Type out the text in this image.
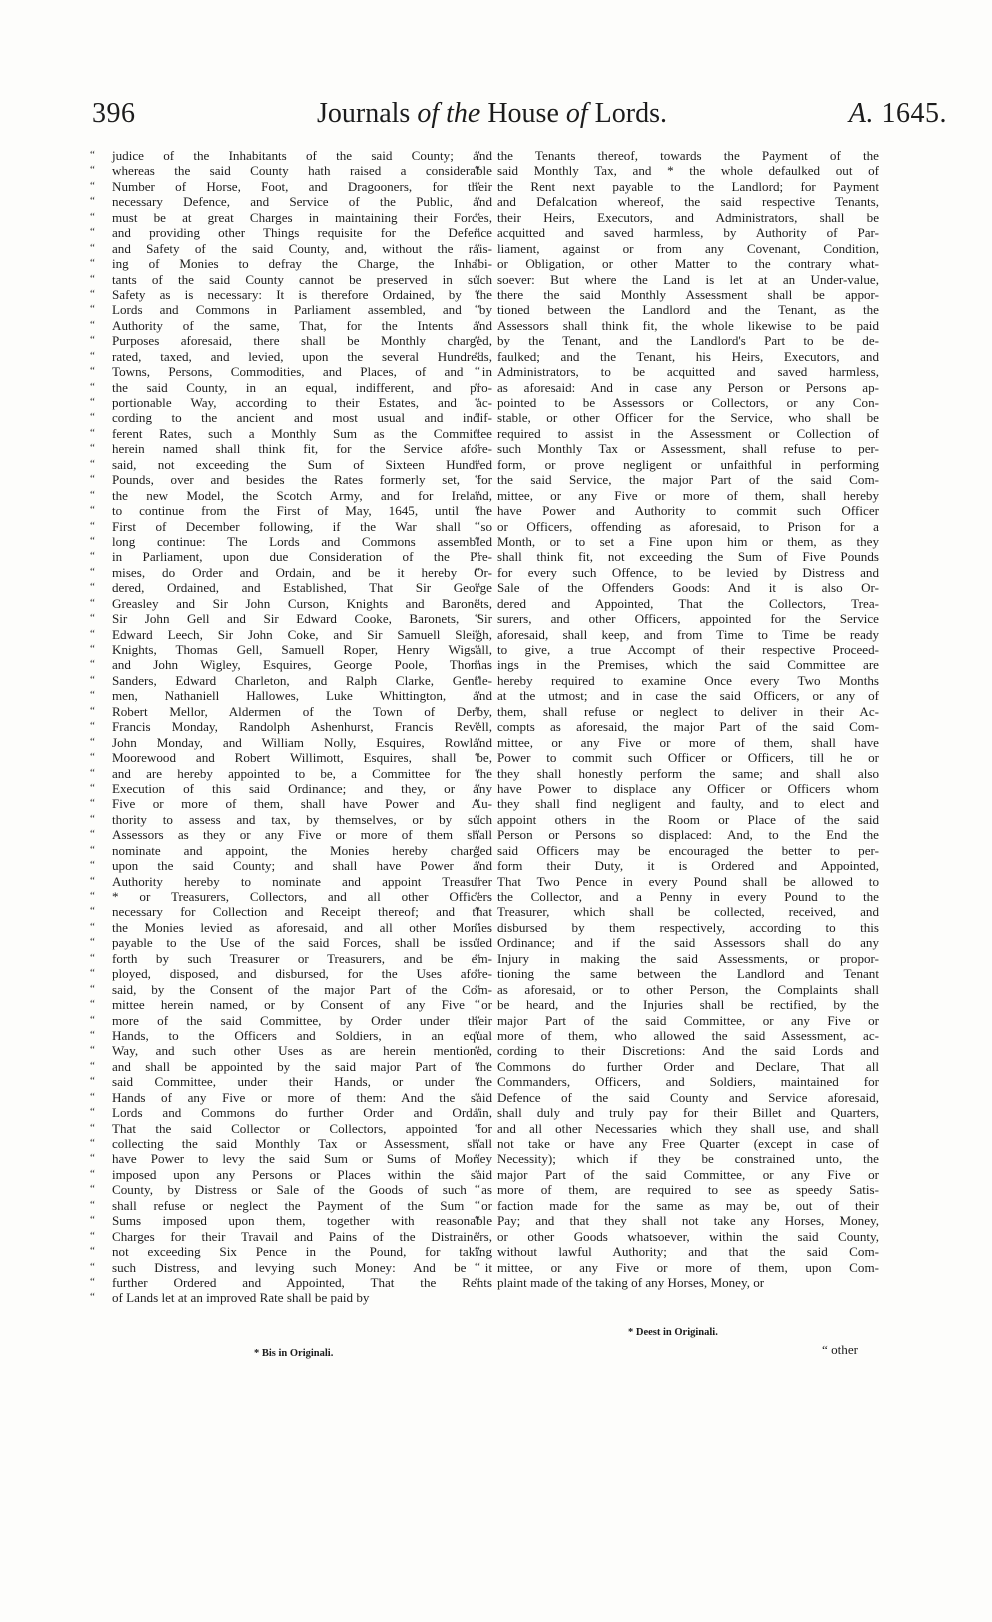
396	Journals of the House of Lords.	A. 1645.
“ judice of the Inhabitants of the said County; and
“ whereas the said County hath raised a considerable
“ Number of Horse, Foot, and Dragooners, for their
“ necessary Defence, and Service of the Public, and
“ must be at great Charges in maintaining their Forces,
“ and providing other Things requisite for the Defence
“ and Safety of the said County, and, without the rais-
“ ing of Monies to defray the Charge, the Inhabi-
“ tants of the said County cannot be preserved in such
“ Safety as is necessary: It is therefore Ordained, by the
“ Lords and Commons in Parliament assembled, and by
“ Authority of the same, That, for the Intents and
“ Purposes aforesaid, there shall be Monthly charged,
“ rated, taxed, and levied, upon the several Hundreds,
“ Towns, Persons, Commodities, and Places, of and in
“ the said County, in an equal, indifferent, and pro-
“ portionable Way, according to their Estates, and ac-
“ cording to the ancient and most usual and indif-
“ ferent Rates, such a Monthly Sum as the Committee
“ herein named shall think fit, for the Service afore-
“ said, not exceeding the Sum of Sixteen Hundred
“ Pounds, over and besides the Rates formerly set, for
“ the new Model, the Scotch Army, and for Ireland,
“ to continue from the First of May, 1645, until the
“ First of December following, if the War shall so
“ long continue: The Lords and Commons assembled
“ in Parliament, upon due Consideration of the Pre-
“ mises, do Order and Ordain, and be it hereby Or-
“ dered, Ordained, and Established, That Sir George
“ Greasley and Sir John Curson, Knights and Baronets,
“ Sir John Gell and Sir Edward Cooke, Baronets, Sir
“ Edward Leech, Sir John Coke, and Sir Samuell Sleigh,
“ Knights, Thomas Gell, Samuell Roper, Henry Wigsall,
“ and John Wigley, Esquires, George Poole, Thomas
“ Sanders, Edward Charleton, and Ralph Clarke, Gentle-
“ men, Nathaniell Hallowes, Luke Whittington, and
“ Robert Mellor, Aldermen of the Town of Derby,
“ Francis Monday, Randolph Ashenhurst, Francis Revell,
“ John Monday, and William Nolly, Esquires, Rowland
“ Moorewood and Robert Willimott, Esquires, shall be,
“ and are hereby appointed to be, a Committee for the
“ Execution of this said Ordinance; and they, or any
“ Five or more of them, shall have Power and Au-
“ thority to assess and tax, by themselves, or by such
“ Assessors as they or any Five or more of them shall
“ nominate and appoint, the Monies hereby charged
“ upon the said County; and shall have Power and
“ Authority hereby to nominate and appoint Treasurer
“ * or Treasurers, Collectors, and all other Officers
“ necessary for Collection and Receipt thereof; and that
“ the Monies levied as aforesaid, and all other Monies
“ payable to the Use of the said Forces, shall be issued
“ forth by such Treasurer or Treasurers, and be em-
“ ployed, disposed, and disbursed, for the Uses afore-
“ said, by the Consent of the major Part of the Com-
“ mittee herein named, or by Consent of any Five or
“ more of the said Committee, by Order under their
“ Hands, to the Officers and Soldiers, in an equal
“ Way, and such other Uses as are herein mentioned,
“ and shall be appointed by the said major Part of the
“ said Committee, under their Hands, or under the
“ Hands of any Five or more of them: And the said
“ Lords and Commons do further Order and Ordain,
“ That the said Collector or Collectors, appointed for
“ collecting the said Monthly Tax or Assessment, shall
“ have Power to levy the said Sum or Sums of Money
“ imposed upon any Persons or Places within the said
“ County, by Distress or Sale of the Goods of such as
“ shall refuse or neglect the Payment of the Sum or
“ Sums imposed upon them, together with reasonable
“ Charges for their Travail and Pains of the Distrainers,
“ not exceeding Six Pence in the Pound, for taking
“ such Distress, and levying such Money: And be it
“ further Ordered and Appointed, That the Rents
“ of Lands let at an improved Rate shall be paid by
“ the Tenants thereof, towards the Payment of the
“ said Monthly Tax, and * the whole defaulked out of
“ the Rent next payable to the Landlord; for Payment
“ and Defalcation whereof, the said respective Tenants,
“ their Heirs, Executors, and Administrators, shall be
“ acquitted and saved harmless, by Authority of Par-
“ liament, against or from any Covenant, Condition,
“ or Obligation, or other Matter to the contrary what-
“ soever: But where the Land is let at an Under-value,
“ there the said Monthly Assessment shall be appor-
“ tioned between the Landlord and the Tenant, as the
“ Assessors shall think fit, the whole likewise to be paid
“ by the Tenant, and the Landlord's Part to be de-
“ faulked; and the Tenant, his Heirs, Executors, and
“ Administrators, to be acquitted and saved harmless,
“ as aforesaid: And in case any Person or Persons ap-
“ pointed to be Assessors or Collectors, or any Con-
“ stable, or other Officer for the Service, who shall be
“ required to assist in the Assessment or Collection of
“ such Monthly Tax or Assessment, shall refuse to per-
“ form, or prove negligent or unfaithful in performing
“ the said Service, the major Part of the said Com-
“ mittee, or any Five or more of them, shall hereby
“ have Power and Authority to commit such Officer
“ or Officers, offending as aforesaid, to Prison for a
“ Month, or to set a Fine upon him or them, as they
“ shall think fit, not exceeding the Sum of Five Pounds
“ for every such Offence, to be levied by Distress and
“ Sale of the Offenders Goods: And it is also Or-
“ dered and Appointed, That the Collectors, Trea-
“ surers, and other Officers, appointed for the Service
“ aforesaid, shall keep, and from Time to Time be ready
“ to give, a true Accompt of their respective Proceed-
“ ings in the Premises, which the said Committee are
“ hereby required to examine Once every Two Months
“ at the utmost; and in case the said Officers, or any of
“ them, shall refuse or neglect to deliver in their Ac-
“ compts as aforesaid, the major Part of the said Com-
“ mittee, or any Five or more of them, shall have
“ Power to commit such Officer or Officers, till he or
“ they shall honestly perform the same; and shall also
“ have Power to displace any Officer or Officers whom
“ they shall find negligent and faulty, and to elect and
“ appoint others in the Room or Place of the said
“ Person or Persons so displaced: And, to the End the
“ said Officers may be encouraged the better to per-
“ form their Duty, it is Ordered and Appointed,
“ That Two Pence in every Pound shall be allowed to
“ the Collector, and a Penny in every Pound to the
“ Treasurer, which shall be collected, received, and
“ disbursed by them respectively, according to this
“ Ordinance; and if the said Assessors shall do any
“ Injury in making the said Assessments, or propor-
“ tioning the same between the Landlord and Tenant
“ as aforesaid, or to other Person, the Complaints shall
“ be heard, and the Injuries shall be rectified, by the
“ major Part of the said Committee, or any Five or
“ more of them, who allowed the said Assessment, ac-
“ cording to their Discretions: And the said Lords and
“ Commons do further Order and Declare, That all
“ Commanders, Officers, and Soldiers, maintained for
“ Defence of the said County and Service aforesaid,
“ shall duly and truly pay for their Billet and Quarters,
“ and all other Necessaries which they shall use, and shall
“ not take or have any Free Quarter (except in case of
“ Necessity); which if they be constrained unto, the
“ major Part of the said Committee, or any Five or
“ more of them, are required to see as speedy Satis-
“ faction made for the same as may be, out of their
“ Pay; and that they shall not take any Horses, Money,
“ or other Goods whatsoever, within the said County,
“ without lawful Authority; and that the said Com-
“ mittee, or any Five or more of them, upon Com-
“ plaint made of the taking of any Horses, Money, or
* Bis in Originali.
* Deest in Originali.
“ other
